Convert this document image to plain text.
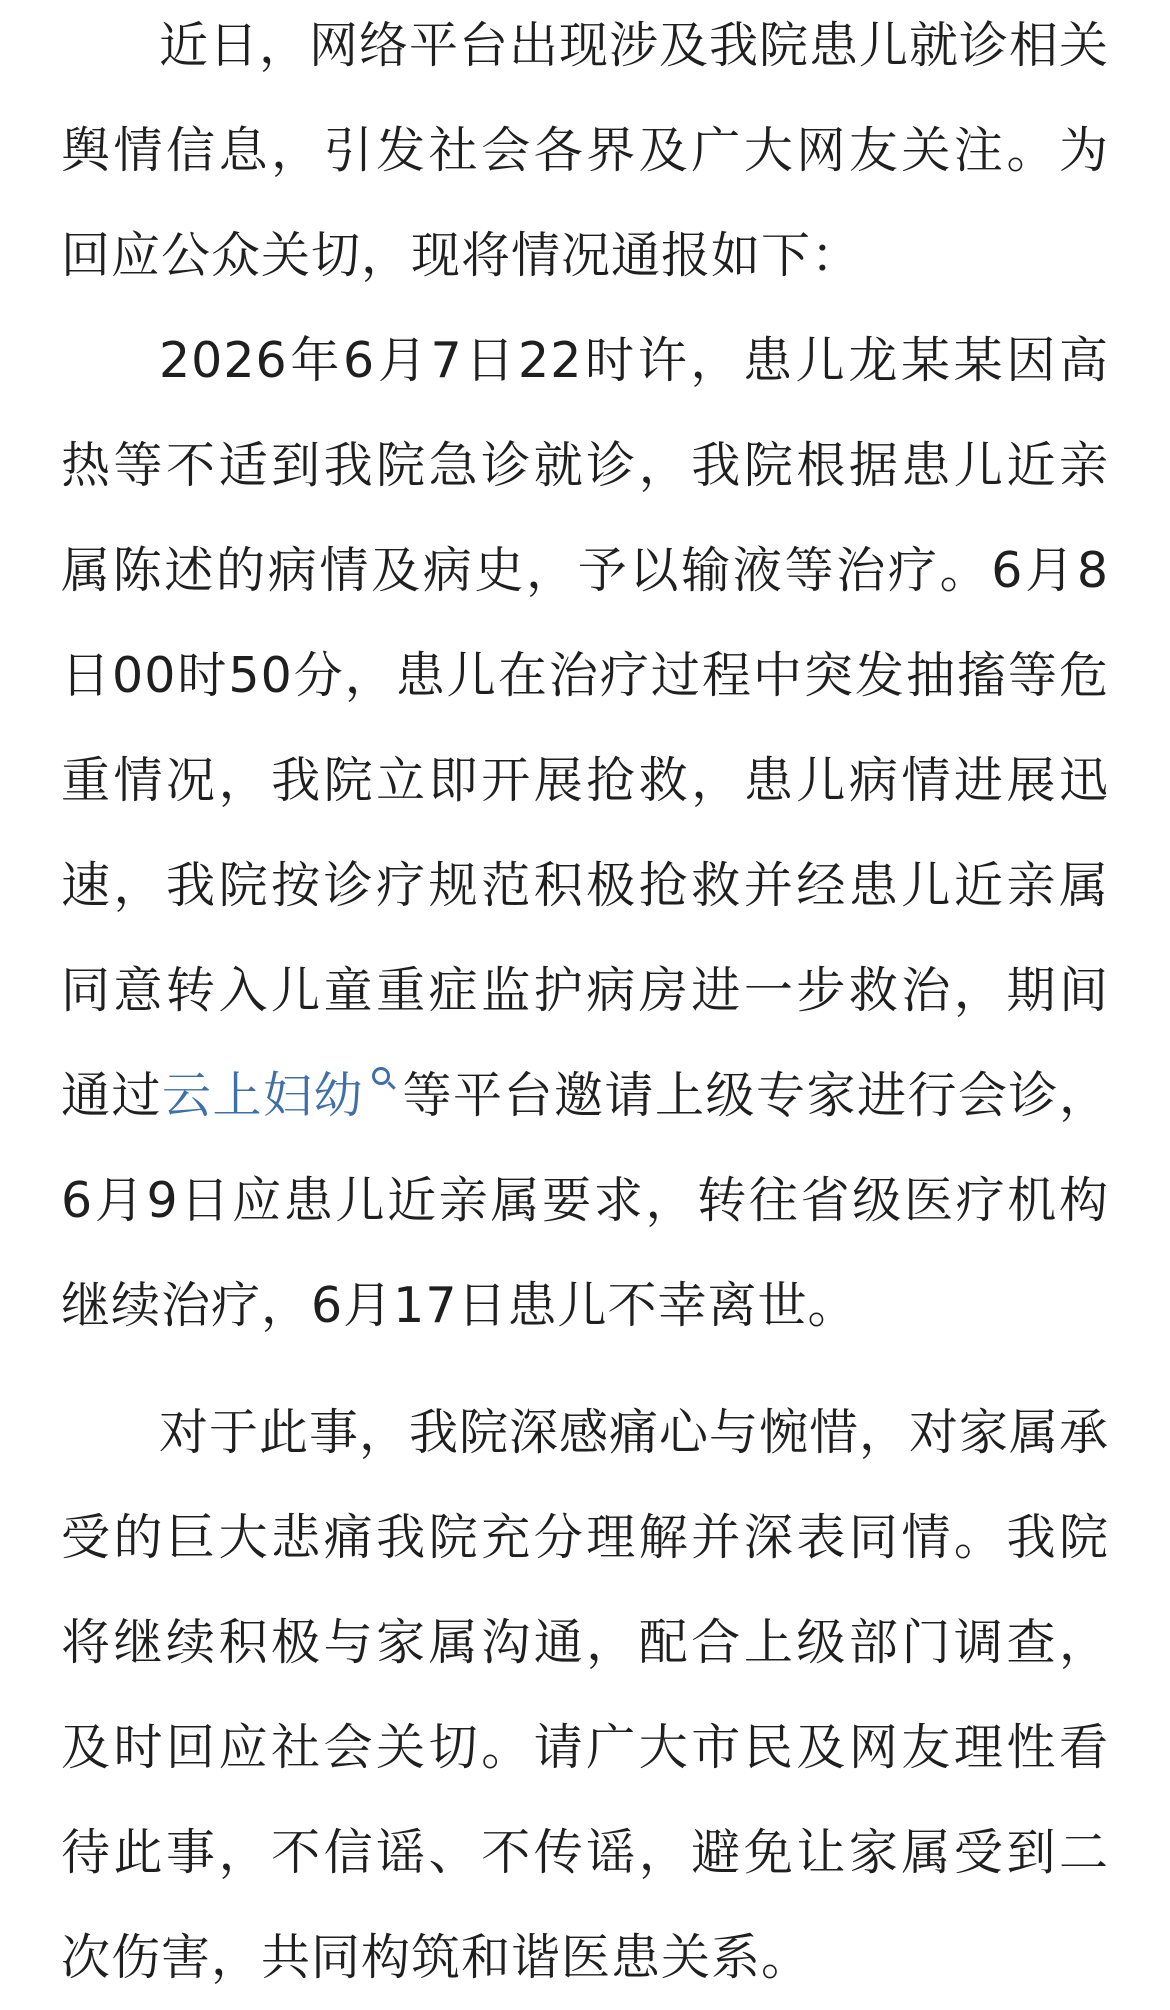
近日，网络平台出现涉及我院患儿就诊相关舆情信息，引发社会各界及广大网友关注。为回应公众关切，现将情况通报如下：

2026年6月7日22时许，患儿龙某某因高热等不适到我院急诊就诊，我院根据患儿近亲属陈述的病情及病史，予以输液等治疗。6月8日00时50分，患儿在治疗过程中突发抽搐等危重情况，我院立即开展抢救，患儿病情进展迅速，我院按诊疗规范积极抢救并经患儿近亲属同意转入儿童重症监护病房进一步救治，期间通过云上妇幼 等平台邀请上级专家进行会诊，6月9日应患儿近亲属要求，转往省级医疗机构继续治疗，6月17日患儿不幸离世。

对于此事，我院深感痛心与惋惜，对家属承受的巨大悲痛我院充分理解并深表同情。我院将继续积极与家属沟通，配合上级部门调查，及时回应社会关切。请广大市民及网友理性看待此事，不信谣、不传谣，避免让家属受到二次伤害，共同构筑和谐医患关系。
